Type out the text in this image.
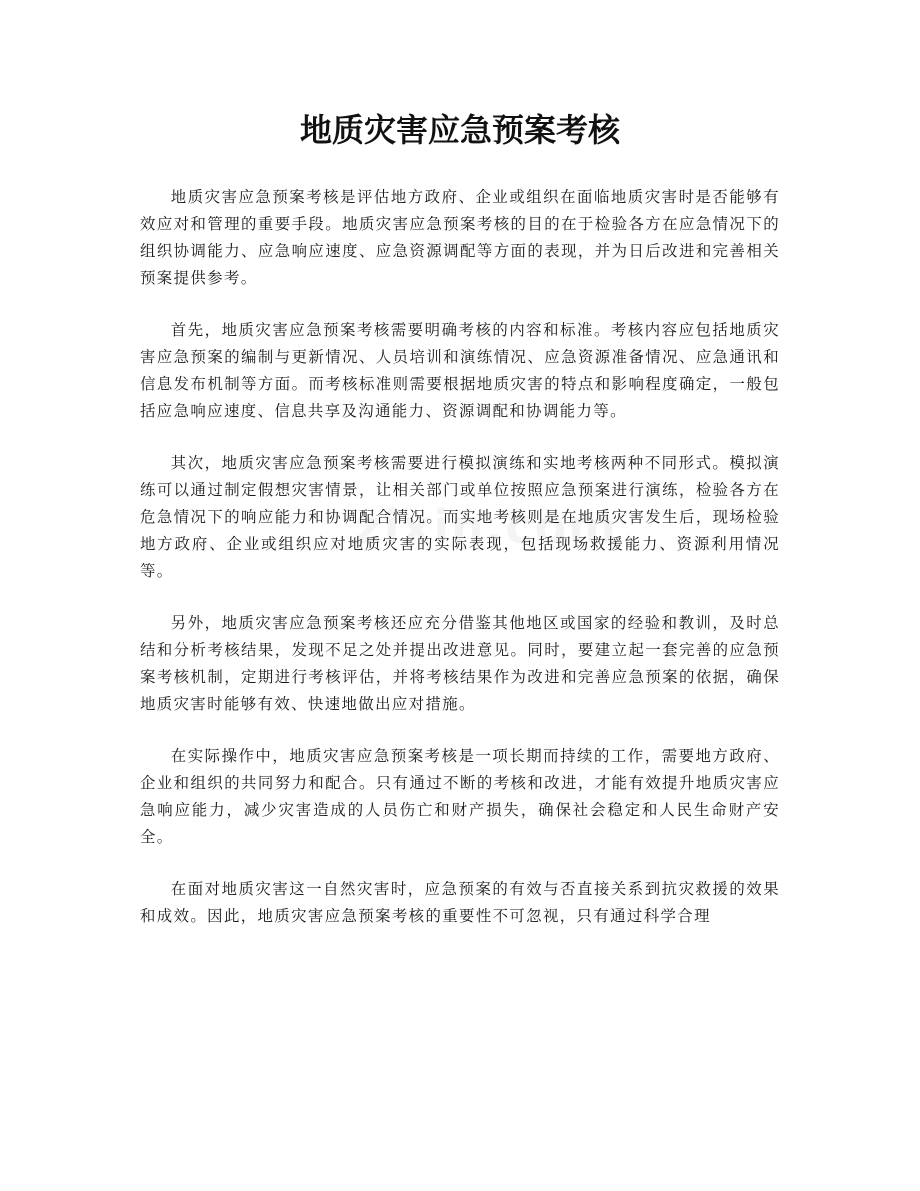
地质灾害应急预案考核

地质灾害应急预案考核是评估地方政府、企业或组织在面临地质灾害时是否能够有效应对和管理的重要手段。地质灾害应急预案考核的目的在于检验各方在应急情况下的组织协调能力、应急响应速度、应急资源调配等方面的表现，并为日后改进和完善相关预案提供参考。

首先，地质灾害应急预案考核需要明确考核的内容和标准。考核内容应包括地质灾害应急预案的编制与更新情况、人员培训和演练情况、应急资源准备情况、应急通讯和信息发布机制等方面。而考核标准则需要根据地质灾害的特点和影响程度确定，一般包括应急响应速度、信息共享及沟通能力、资源调配和协调能力等。

其次，地质灾害应急预案考核需要进行模拟演练和实地考核两种不同形式。模拟演练可以通过制定假想灾害情景，让相关部门或单位按照应急预案进行演练，检验各方在危急情况下的响应能力和协调配合情况。而实地考核则是在地质灾害发生后，现场检验地方政府、企业或组织应对地质灾害的实际表现，包括现场救援能力、资源利用情况等。

另外，地质灾害应急预案考核还应充分借鉴其他地区或国家的经验和教训，及时总结和分析考核结果，发现不足之处并提出改进意见。同时，要建立起一套完善的应急预案考核机制，定期进行考核评估，并将考核结果作为改进和完善应急预案的依据，确保地质灾害时能够有效、快速地做出应对措施。

在实际操作中，地质灾害应急预案考核是一项长期而持续的工作，需要地方政府、企业和组织的共同努力和配合。只有通过不断的考核和改进，才能有效提升地质灾害应急响应能力，减少灾害造成的人员伤亡和财产损失，确保社会稳定和人民生命财产安全。

在面对地质灾害这一自然灾害时，应急预案的有效与否直接关系到抗灾救援的效果和成效。因此，地质灾害应急预案考核的重要性不可忽视，只有通过科学合理
